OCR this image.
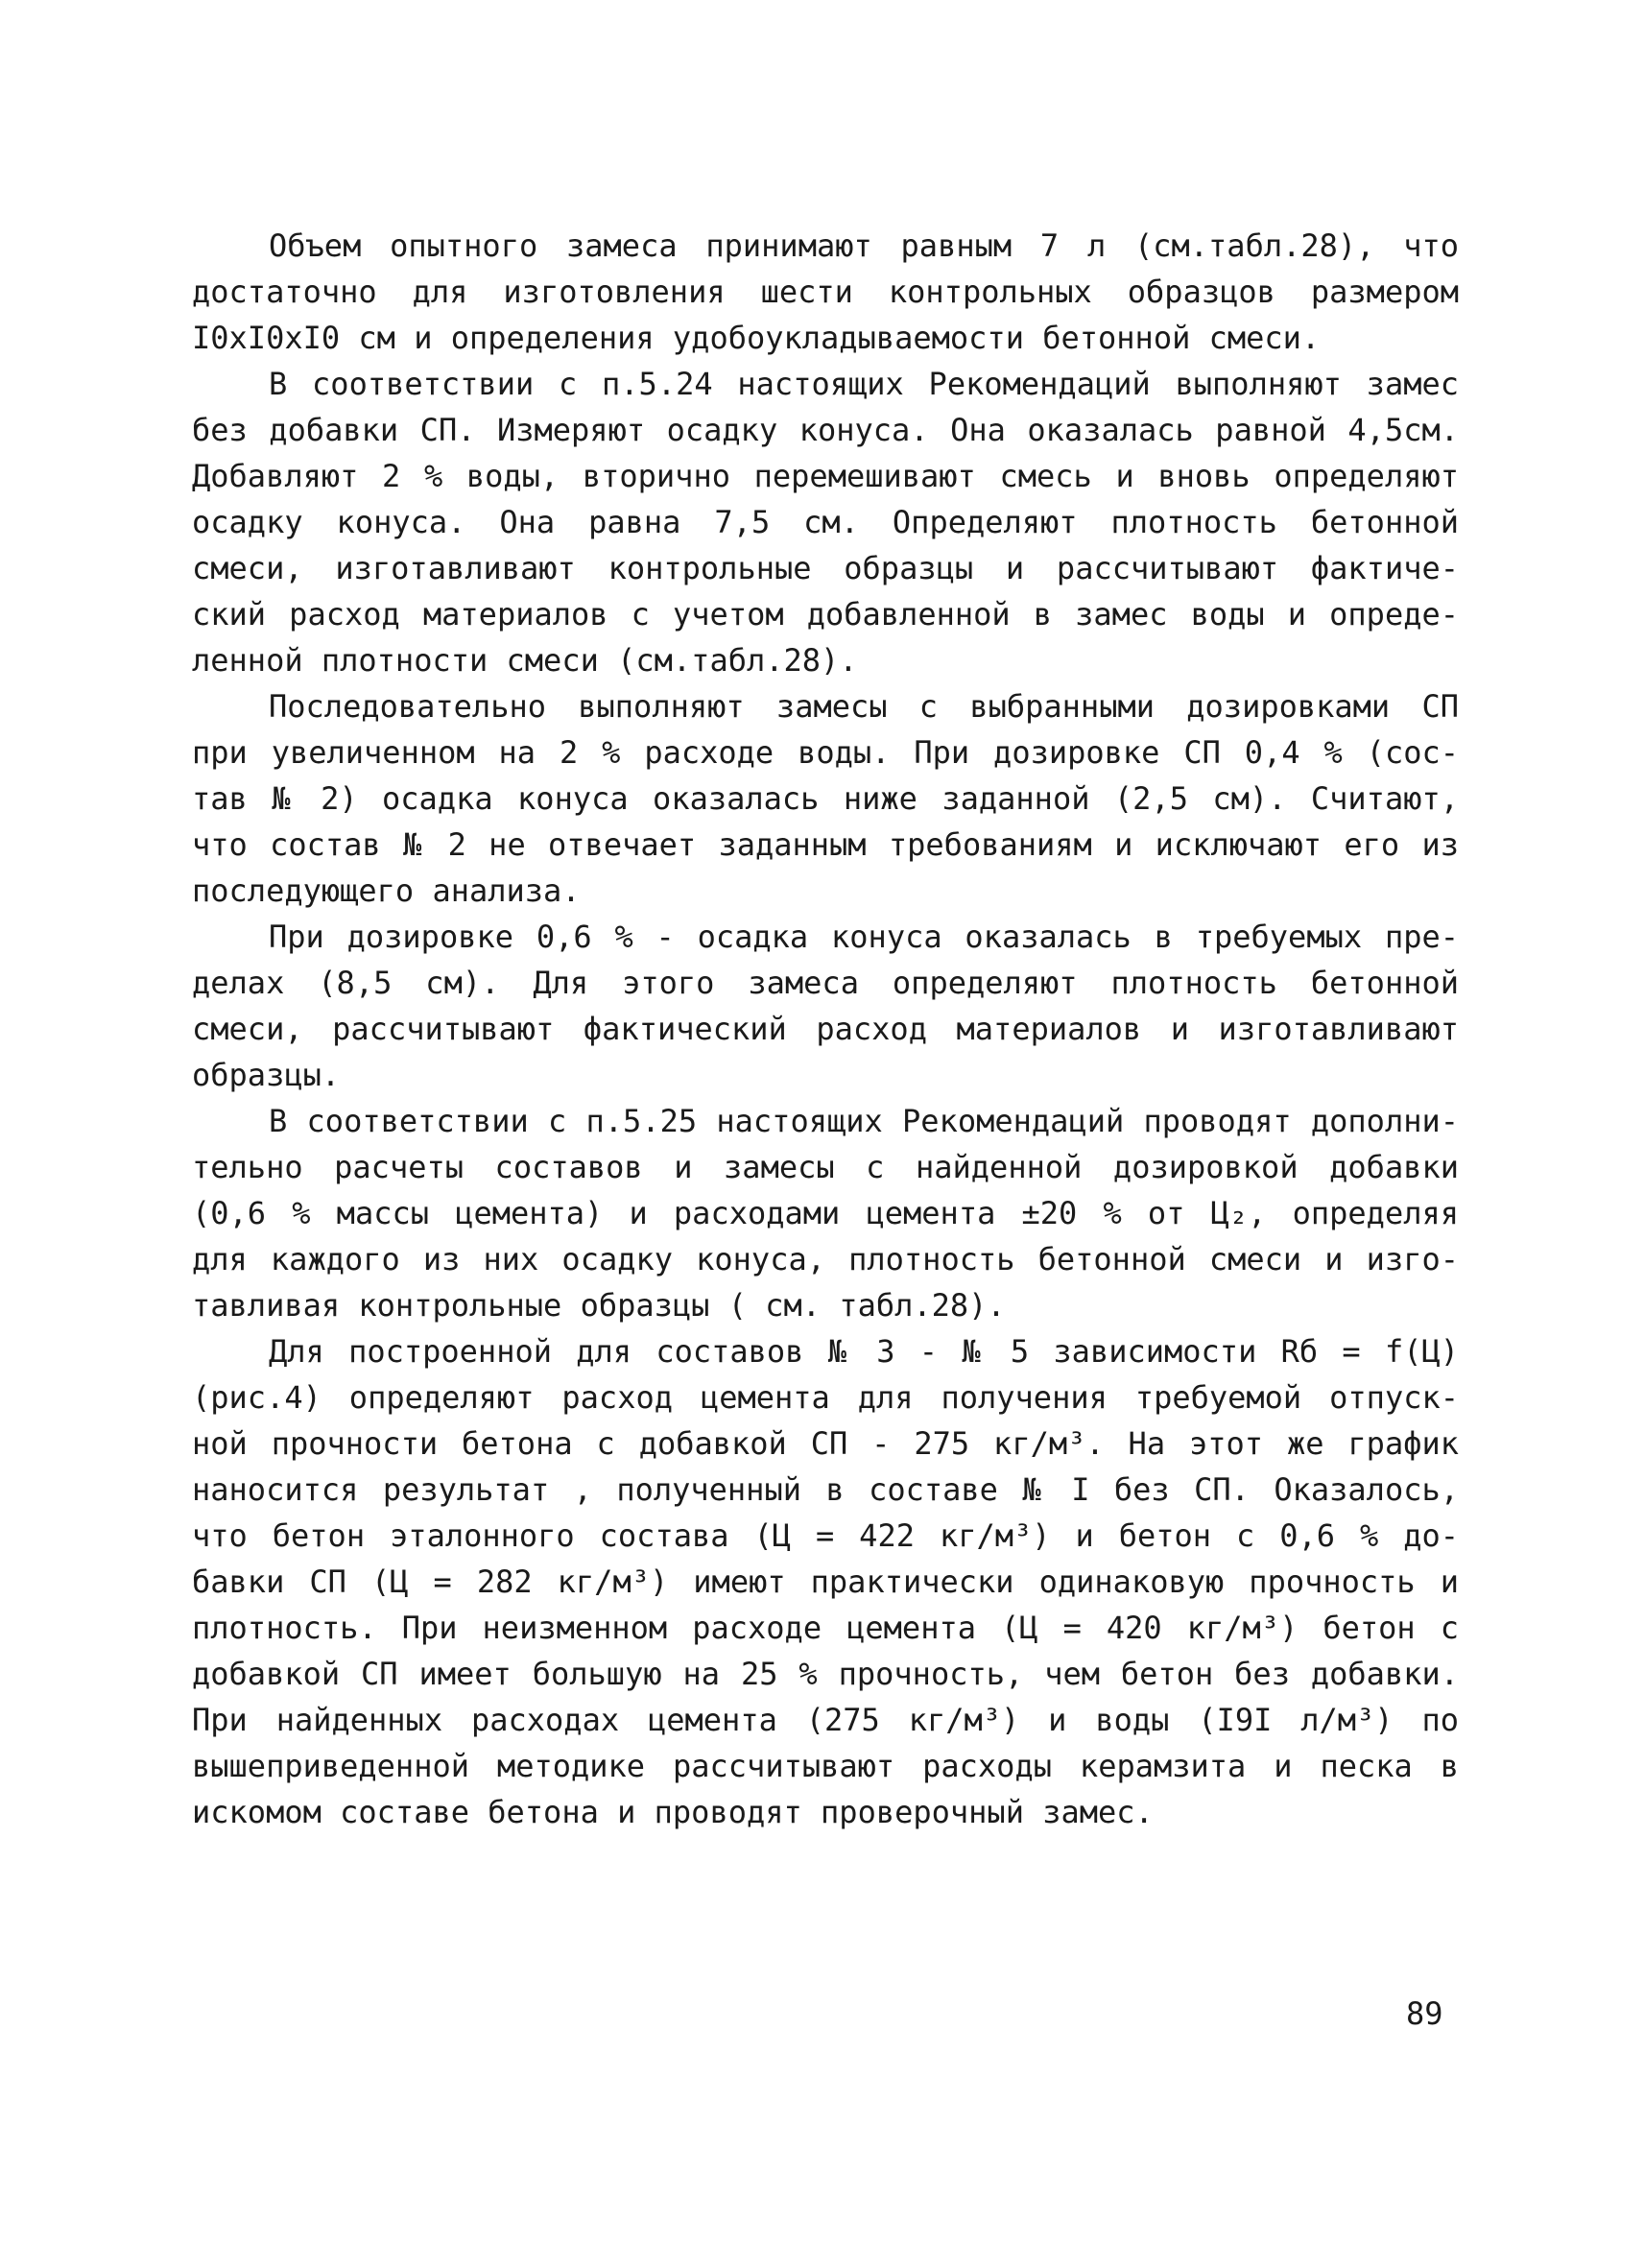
Объем опытного замеса принимают равным 7 л (см.табл.28), что
достаточно для изготовления шести контрольных образцов размером
I0xI0xI0 см и определения удобоукладываемости бетонной смеси.
В соответствии с п.5.24 настоящих Рекомендаций выполняют замес
без добавки СП. Измеряют осадку конуса. Она оказалась равной 4,5см.
Добавляют 2 % воды, вторично перемешивают смесь и вновь определяют
осадку конуса. Она равна 7,5 см. Определяют плотность бетонной
смеси, изготавливают контрольные образцы и рассчитывают фактиче-
ский расход материалов с учетом добавленной в замес воды и опреде-
ленной плотности смеси (см.табл.28).
Последовательно выполняют замесы с выбранными дозировками СП
при увеличенном на 2 % расходе воды. При дозировке СП 0,4 % (сос-
тав № 2) осадка конуса оказалась ниже заданной (2,5 см). Считают,
что состав № 2 не отвечает заданным требованиям и исключают его из
последующего анализа.
При дозировке 0,6 % - осадка конуса оказалась в требуемых пре-
делах (8,5 см). Для этого замеса определяют плотность бетонной
смеси, рассчитывают фактический расход материалов и изготавливают
образцы.
В соответствии с п.5.25 настоящих Рекомендаций проводят дополни-
тельно расчеты составов и замесы с найденной дозировкой добавки
(0,6 % массы цемента) и расходами цемента ±20 % от Ц₂, определяя
для каждого из них осадку конуса, плотность бетонной смеси и изго-
тавливая контрольные образцы ( см. табл.28).
Для построенной для составов № 3 - № 5 зависимости Rб = f(Ц)
(рис.4) определяют расход цемента для получения требуемой отпуск-
ной прочности бетона с добавкой СП - 275 кг/м³. На этот же график
наносится результат , полученный в составе № I без СП. Оказалось,
что бетон эталонного состава (Ц = 422 кг/м³) и бетон с 0,6 % до-
бавки СП (Ц = 282 кг/м³) имеют практически одинаковую прочность и
плотность. При неизменном расходе цемента (Ц = 420 кг/м³) бетон с
добавкой СП имеет большую на 25 % прочность, чем бетон без добавки.
При найденных расходах цемента (275 кг/м³) и воды (I9I л/м³) по
вышеприведенной методике рассчитывают расходы керамзита и песка в
искомом составе бетона и проводят проверочный замес.
89
